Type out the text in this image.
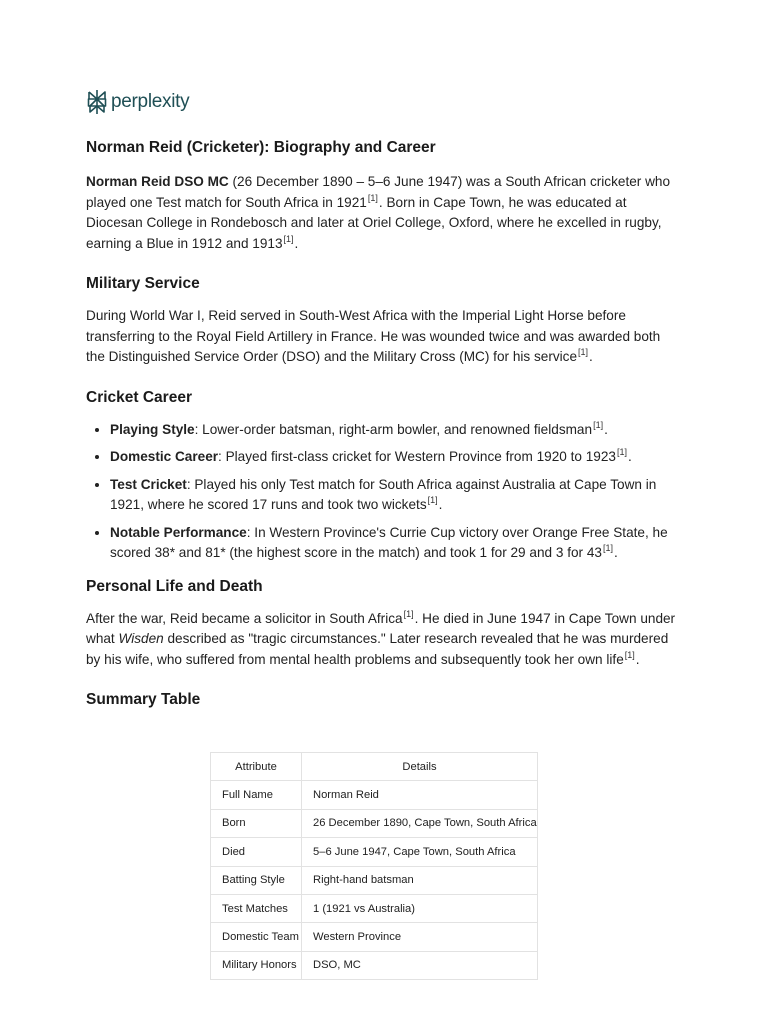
perplexity
Norman Reid (Cricketer): Biography and Career

Norman Reid DSO MC (26 December 1890 – 5–6 June 1947) was a South African cricketer who played one Test match for South Africa in 1921[1]. Born in Cape Town, he was educated at Diocesan College in Rondebosch and later at Oriel College, Oxford, where he excelled in rugby, earning a Blue in 1912 and 1913[1].

Military Service

During World War I, Reid served in South-West Africa with the Imperial Light Horse before transferring to the Royal Field Artillery in France. He was wounded twice and was awarded both the Distinguished Service Order (DSO) and the Military Cross (MC) for his service[1].

Cricket Career
• Playing Style: Lower-order batsman, right-arm bowler, and renowned fieldsman[1].
• Domestic Career: Played first-class cricket for Western Province from 1920 to 1923[1].
• Test Cricket: Played his only Test match for South Africa against Australia at Cape Town in 1921, where he scored 17 runs and took two wickets[1].
• Notable Performance: In Western Province's Currie Cup victory over Orange Free State, he scored 38* and 81* (the highest score in the match) and took 1 for 29 and 3 for 43[1].
Personal Life and Death

After the war, Reid became a solicitor in South Africa[1]. He died in June 1947 in Cape Town under what Wisden described as "tragic circumstances." Later research revealed that he was murdered by his wife, who suffered from mental health problems and subsequently took her own life[1].

Summary Table
Attribute	Details
Full Name	Norman Reid
Born	26 December 1890, Cape Town, South Africa
Died	5–6 June 1947, Cape Town, South Africa
Batting Style	Right-hand batsman
Test Matches	1 (1921 vs Australia)
Domestic Team	Western Province
Military Honors	DSO, MC
